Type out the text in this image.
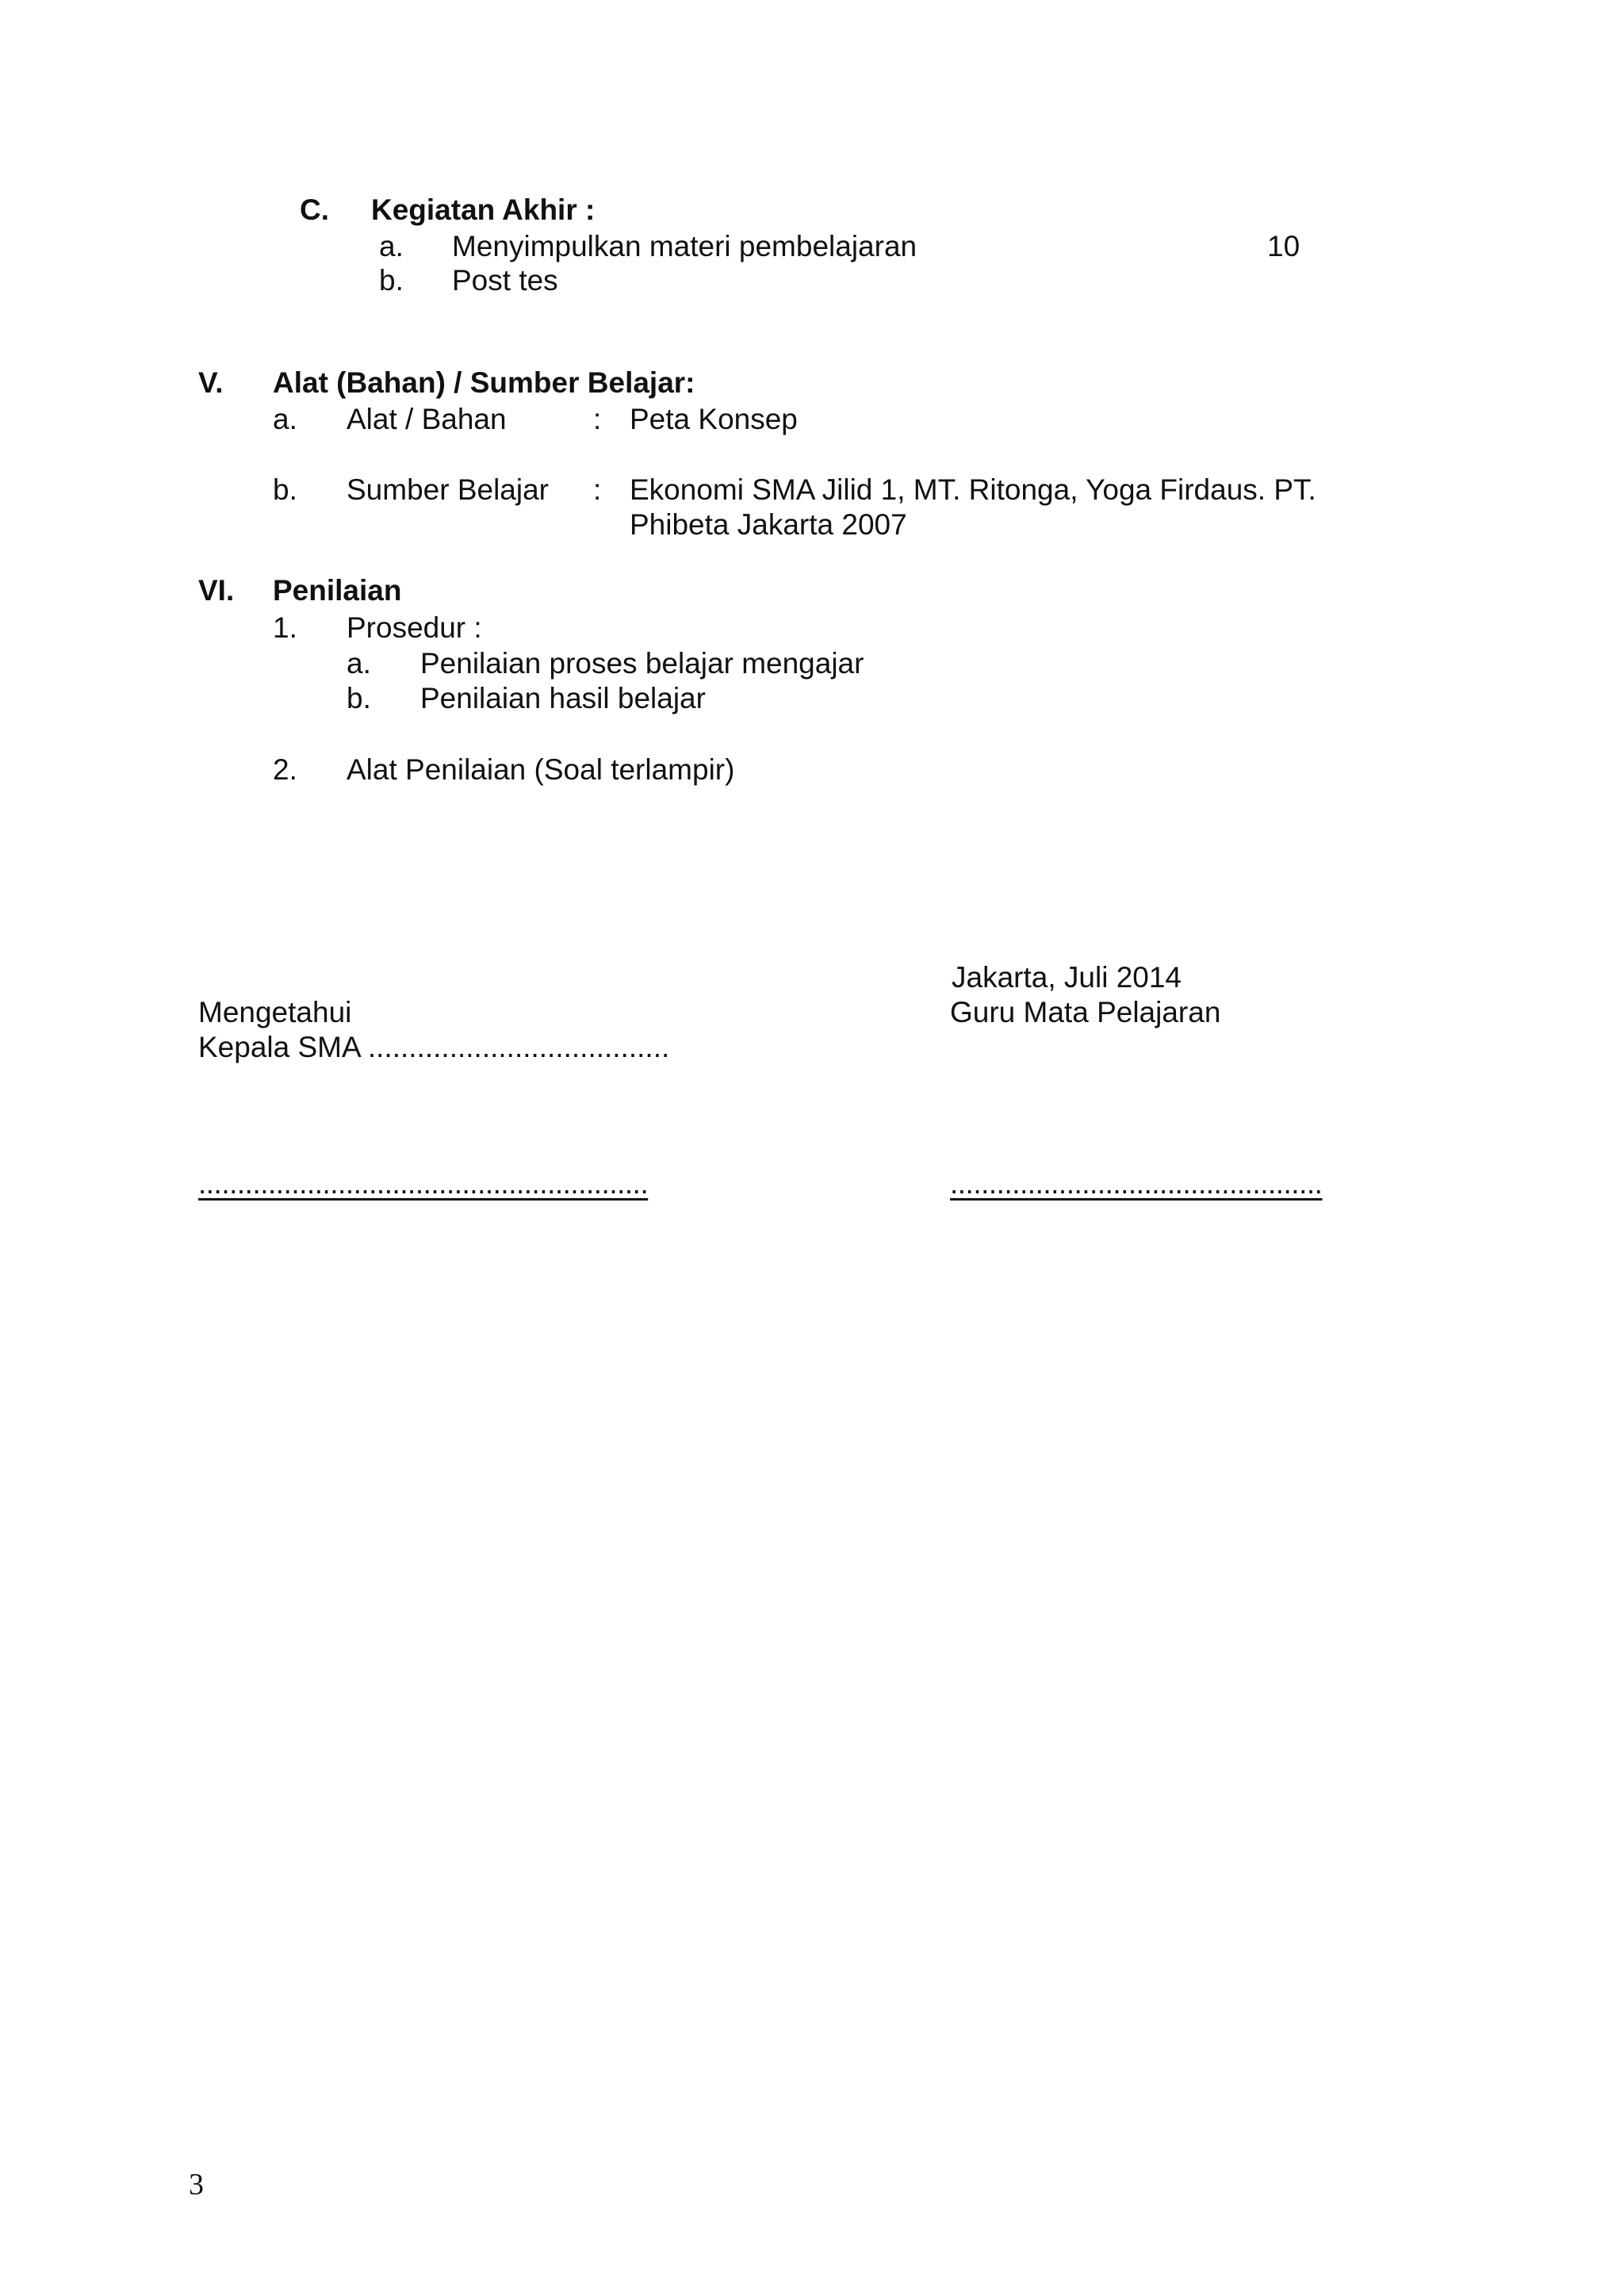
C. Kegiatan Akhir :
a. Menyimpulkan materi pembelajaran	10
b. Post tes
V. Alat (Bahan) / Sumber Belajar:
a. Alat / Bahan	: Peta Konsep
b. Sumber Belajar : Ekonomi SMA Jilid 1, MT. Ritonga, Yoga Firdaus. PT.
Phibeta Jakarta 2007
VI. Penilaian
1. Prosedur :
a. Penilaian proses belajar mengajar
b. Penilaian hasil belajar
2. Alat Penilaian (Soal terlampir)
Jakarta, Juli 2014
Mengetahui	Guru Mata Pelajaran
Kepala SMA .....................................
..........................................................	................................................
3
